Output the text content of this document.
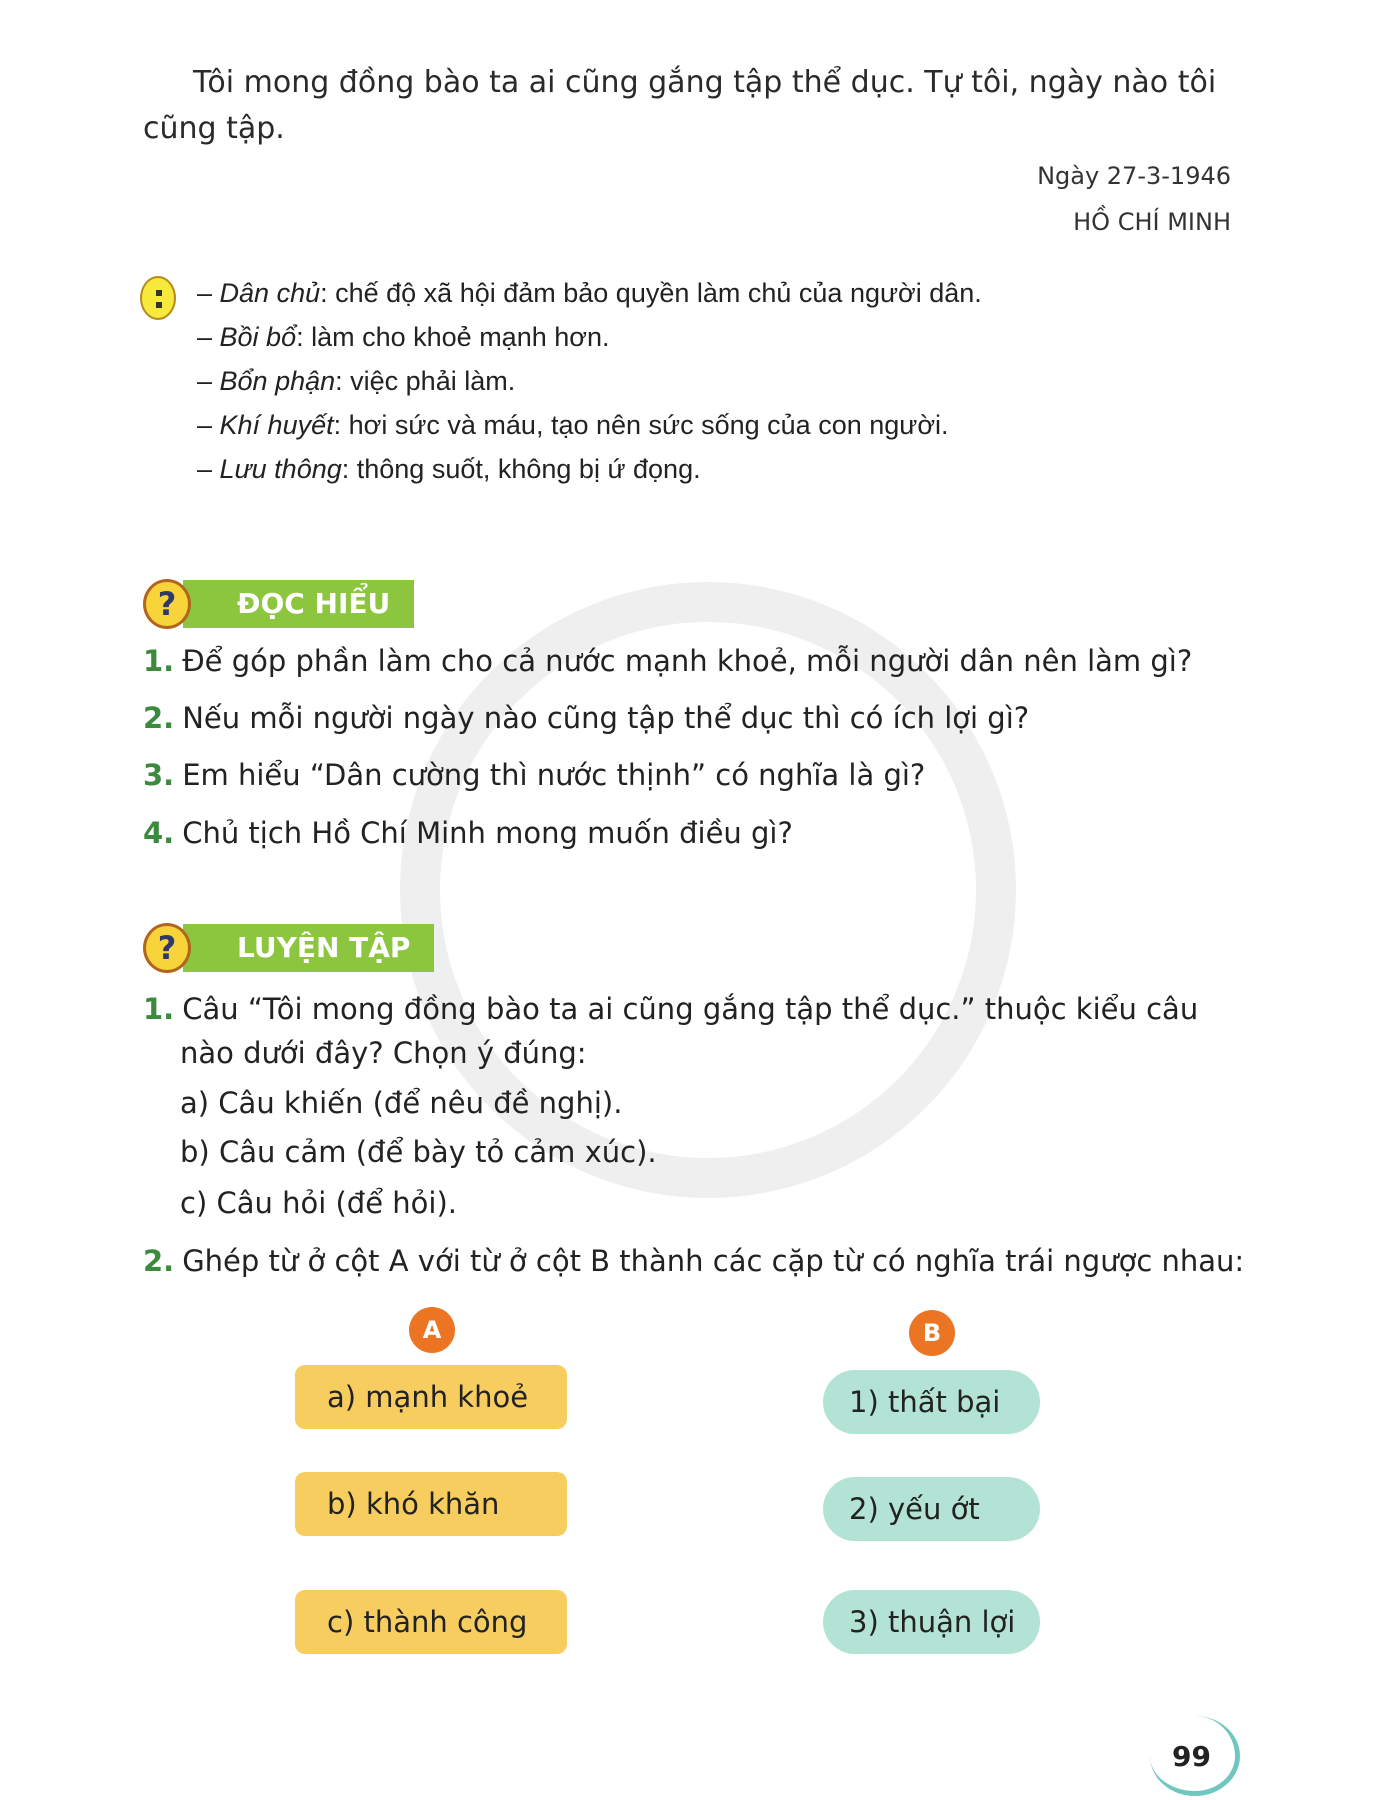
Tôi mong đồng bào ta ai cũng gắng tập thể dục. Tự tôi, ngày nào tôi cũng tập.

Ngày 27-3-1946
HỒ CHÍ MINH
– Dân chủ: chế độ xã hội đảm bảo quyền làm chủ của người dân.
– Bồi bổ: làm cho khoẻ mạnh hơn.
– Bổn phận: việc phải làm.
– Khí huyết: hơi sức và máu, tạo nên sức sống của con người.
– Lưu thông: thông suốt, không bị ứ đọng.
?	ĐỌC HIỂU
1. Để góp phần làm cho cả nước mạnh khoẻ, mỗi người dân nên làm gì?
2. Nếu mỗi người ngày nào cũng tập thể dục thì có ích lợi gì?
3. Em hiểu “Dân cường thì nước thịnh” có nghĩa là gì?
4. Chủ tịch Hồ Chí Minh mong muốn điều gì?
?	LUYỆN TẬP
1. Câu “Tôi mong đồng bào ta ai cũng gắng tập thể dục.” thuộc kiểu câu
nào dưới đây? Chọn ý đúng:
a) Câu khiến (để nêu đề nghị).
b) Câu cảm (để bày tỏ cảm xúc).
c) Câu hỏi (để hỏi).
2. Ghép từ ở cột A với từ ở cột B thành các cặp từ có nghĩa trái ngược nhau:
A	B
a) mạnh khoẻ
b) khó khăn
c) thành công
1) thất bại
2) yếu ớt
3) thuận lợi
99
